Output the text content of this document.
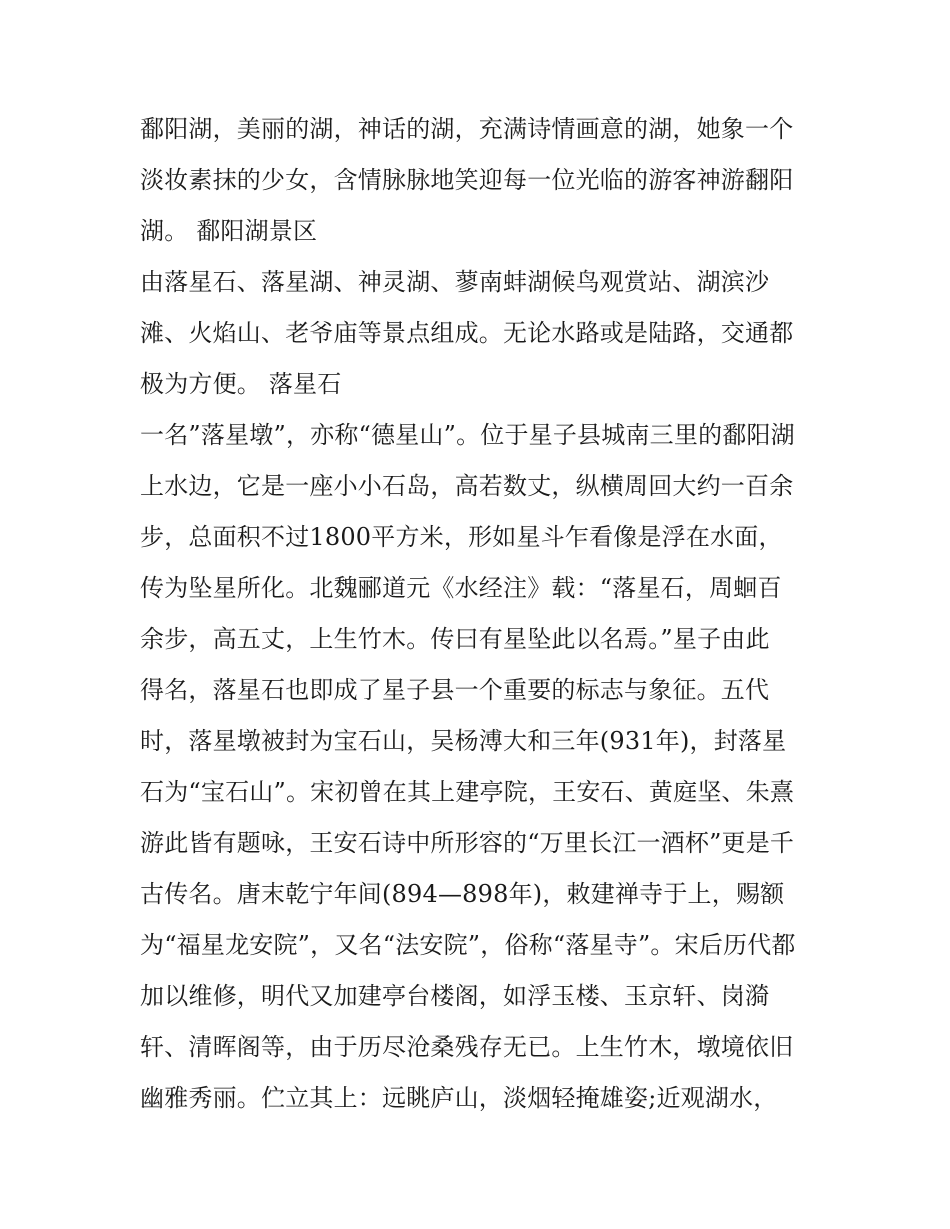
鄱阳湖，美丽的湖，神话的湖，充满诗情画意的湖，她象一个
淡妆素抹的少女，含情脉脉地笑迎每一位光临的游客神游翻阳
湖。 鄱阳湖景区
由落星石、落星湖、神灵湖、蓼南蚌湖候鸟观赏站、湖滨沙
滩、火焰山、老爷庙等景点组成。无论水路或是陆路，交通都
极为方便。 落星石
一名”落星墩”，亦称“德星山”。位于星子县城南三里的鄱阳湖
上水边，它是一座小小石岛，高若数丈，纵横周回大约一百余
步，总面积不过1800平方米，形如星斗乍看像是浮在水面，
传为坠星所化。北魏郦道元《水经注》载：“落星石，周蛔百
余步，高五丈，上生竹木。传曰有星坠此以名焉。”星子由此
得名，落星石也即成了星子县一个重要的标志与象征。五代
时，落星墩被封为宝石山，吴杨溥大和三年(931年)，封落星
石为“宝石山”。宋初曾在其上建亭院，王安石、黄庭坚、朱熹
游此皆有题咏，王安石诗中所形容的“万里长江一酒杯”更是千
古传名。唐末乾宁年间(894—898年)，敕建禅寺于上，赐额
为“福星龙安院”，又名“法安院”，俗称“落星寺”。宋后历代都
加以维修，明代又加建亭台楼阁，如浮玉楼、玉京轩、岗漪
轩、清晖阁等，由于历尽沧桑残存无已。上生竹木，墩境依旧
幽雅秀丽。伫立其上：远眺庐山，淡烟轻掩雄姿;近观湖水，
